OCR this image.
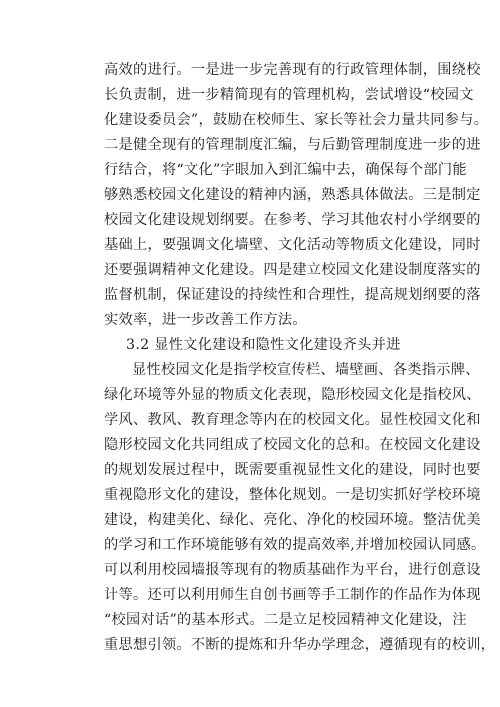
高效的进行。一是进一步完善现有的行政管理体制，围绕校
长负责制，进一步精简现有的管理机构，尝试增设“校园文
化建设委员会”，鼓励在校师生、家长等社会力量共同参与。
二是健全现有的管理制度汇编，与后勤管理制度进一步的进
行结合，将“文化”字眼加入到汇编中去，确保每个部门能
够熟悉校园文化建设的精神内涵，熟悉具体做法。三是制定
校园文化建设规划纲要。在参考、学习其他农村小学纲要的
基础上，要强调文化墙壁、文化活动等物质文化建设，同时
还要强调精神文化建设。四是建立校园文化建设制度落实的
监督机制，保证建设的持续性和合理性，提高规划纲要的落
实效率，进一步改善工作方法。
3.2 显性文化建设和隐性文化建设齐头并进
显性校园文化是指学校宣传栏、墙壁画、各类指示牌、
绿化环境等外显的物质文化表现，隐形校园文化是指校风、
学风、教风、教育理念等内在的校园文化。显性校园文化和
隐形校园文化共同组成了校园文化的总和。在校园文化建设
的规划发展过程中，既需要重视显性文化的建设，同时也要
重视隐形文化的建设，整体化规划。一是切实抓好学校环境
建设，构建美化、绿化、亮化、净化的校园环境。整洁优美
的学习和工作环境能够有效的提高效率,并增加校园认同感。
可以利用校园墙报等现有的物质基础作为平台，进行创意设
计等。还可以利用师生自创书画等手工制作的作品作为体现
“校园对话”的基本形式。二是立足校园精神文化建设，注
重思想引领。不断的提炼和升华办学理念，遵循现有的校训，
